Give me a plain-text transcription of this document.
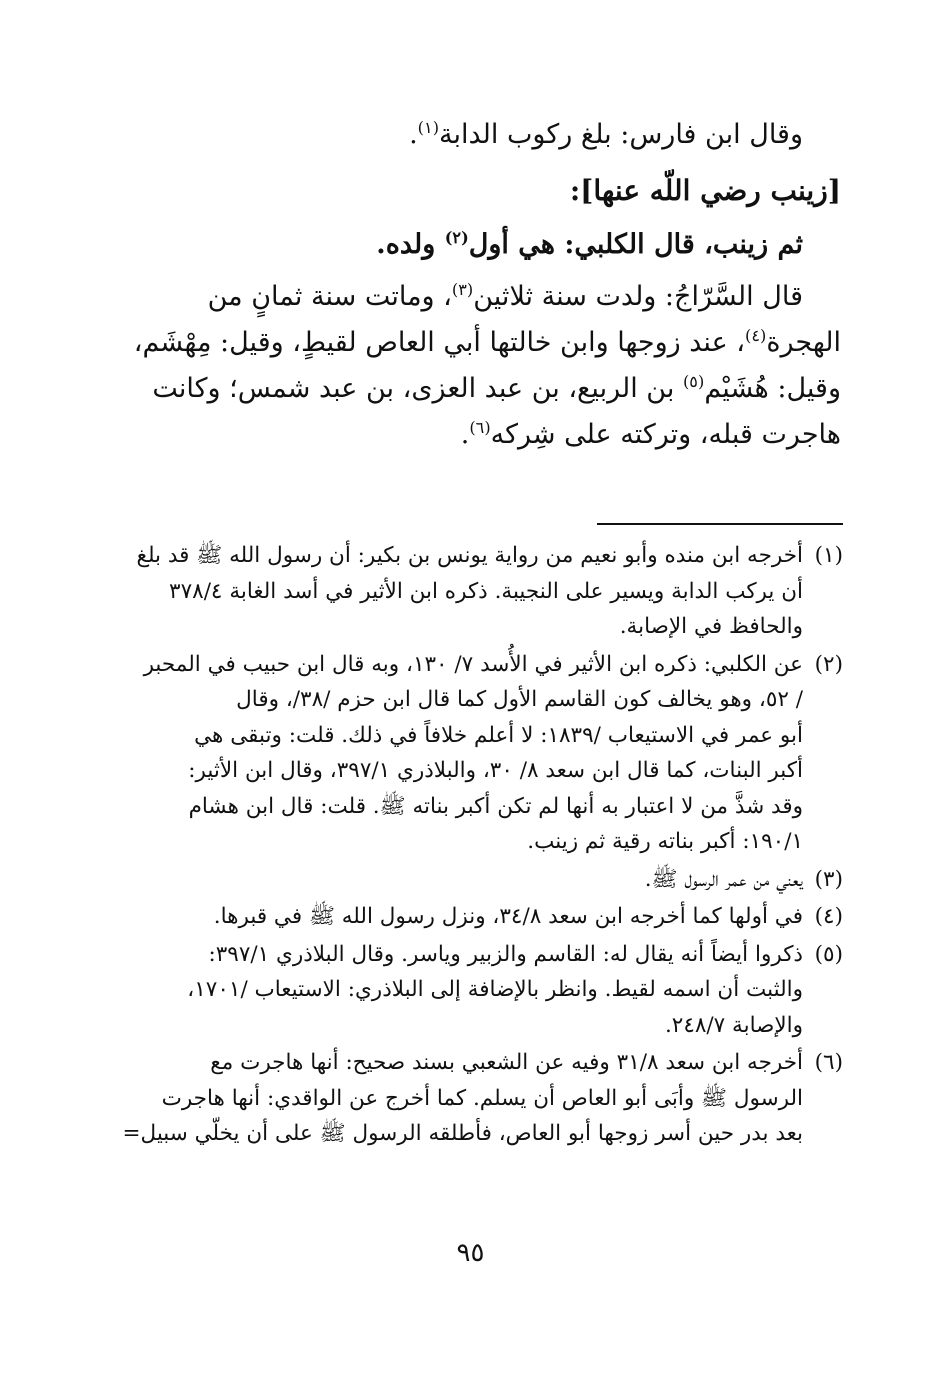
وقال ابن فارس: بلغ ركوب الدابة$^{(١)}$.
[زينب رضي اللّه عنها]:
ثم زينب، قال الكلبي: هي أول$^{(٢)}$ ولده.
قال السَّرّاجُ: ولدت سنة ثلاثين$^{(٣)}$، وماتت سنة ثمانٍ من
الهجرة$^{(٤)}$، عند زوجها وابن خالتها أبي العاص لقيطٍ، وقيل: مِهْشَم،
وقيل: هُشَيْم$^{(٥)}$ بن الربيع، بن عبد العزى، بن عبد شمس؛ وكانت
هاجرت قبله، وتركته على شِركه$^{(٦)}$.
(١)أخرجه ابن منده وأبو نعيم من رواية يونس بن بكير: أن رسول الله ﷺ قد بلغ
أن يركب الدابة ويسير على النجيبة. ذكره ابن الأثير في أسد الغابة ٣٧٨/٤
والحافظ في الإصابة.
(٢)عن الكلبي: ذكره ابن الأثير في الأُسد ٧/ ١٣٠، وبه قال ابن حبيب في المحبر
/ ٥٢، وهو يخالف كون القاسم الأول كما قال ابن حزم /٣٨/، وقال
أبو عمر في الاستيعاب /١٨٣٩: لا أعلم خلافاً في ذلك. قلت: وتبقى هي
أكبر البنات، كما قال ابن سعد ٨/ ٣٠، والبلاذري ٣٩٧/١، وقال ابن الأثير:
وقد شذَّ من لا اعتبار به أنها لم تكن أكبر بناته ﷺ. قلت: قال ابن هشام
١٩٠/١: أكبر بناته رقية ثم زينب.
(٣)يعني من عمر الرسول ﷺ.
(٤)في أولها كما أخرجه ابن سعد ٣٤/٨، ونزل رسول الله ﷺ في قبرها.
(٥)ذكروا أيضاً أنه يقال له: القاسم والزبير وياسر. وقال البلاذري ٣٩٧/١:
والثبت أن اسمه لقيط. وانظر بالإضافة إلى البلاذري: الاستيعاب /١٧٠١،
والإصابة ٢٤٨/٧.
(٦)أخرجه ابن سعد ٣١/٨ وفيه عن الشعبي بسند صحيح: أنها هاجرت مع
الرسول ﷺ وأبَى أبو العاص أن يسلم. كما أخرج عن الواقدي: أنها هاجرت
بعد بدر حين أسر زوجها أبو العاص، فأطلقه الرسول ﷺ على أن يخلّي سبيل=
٩٥
